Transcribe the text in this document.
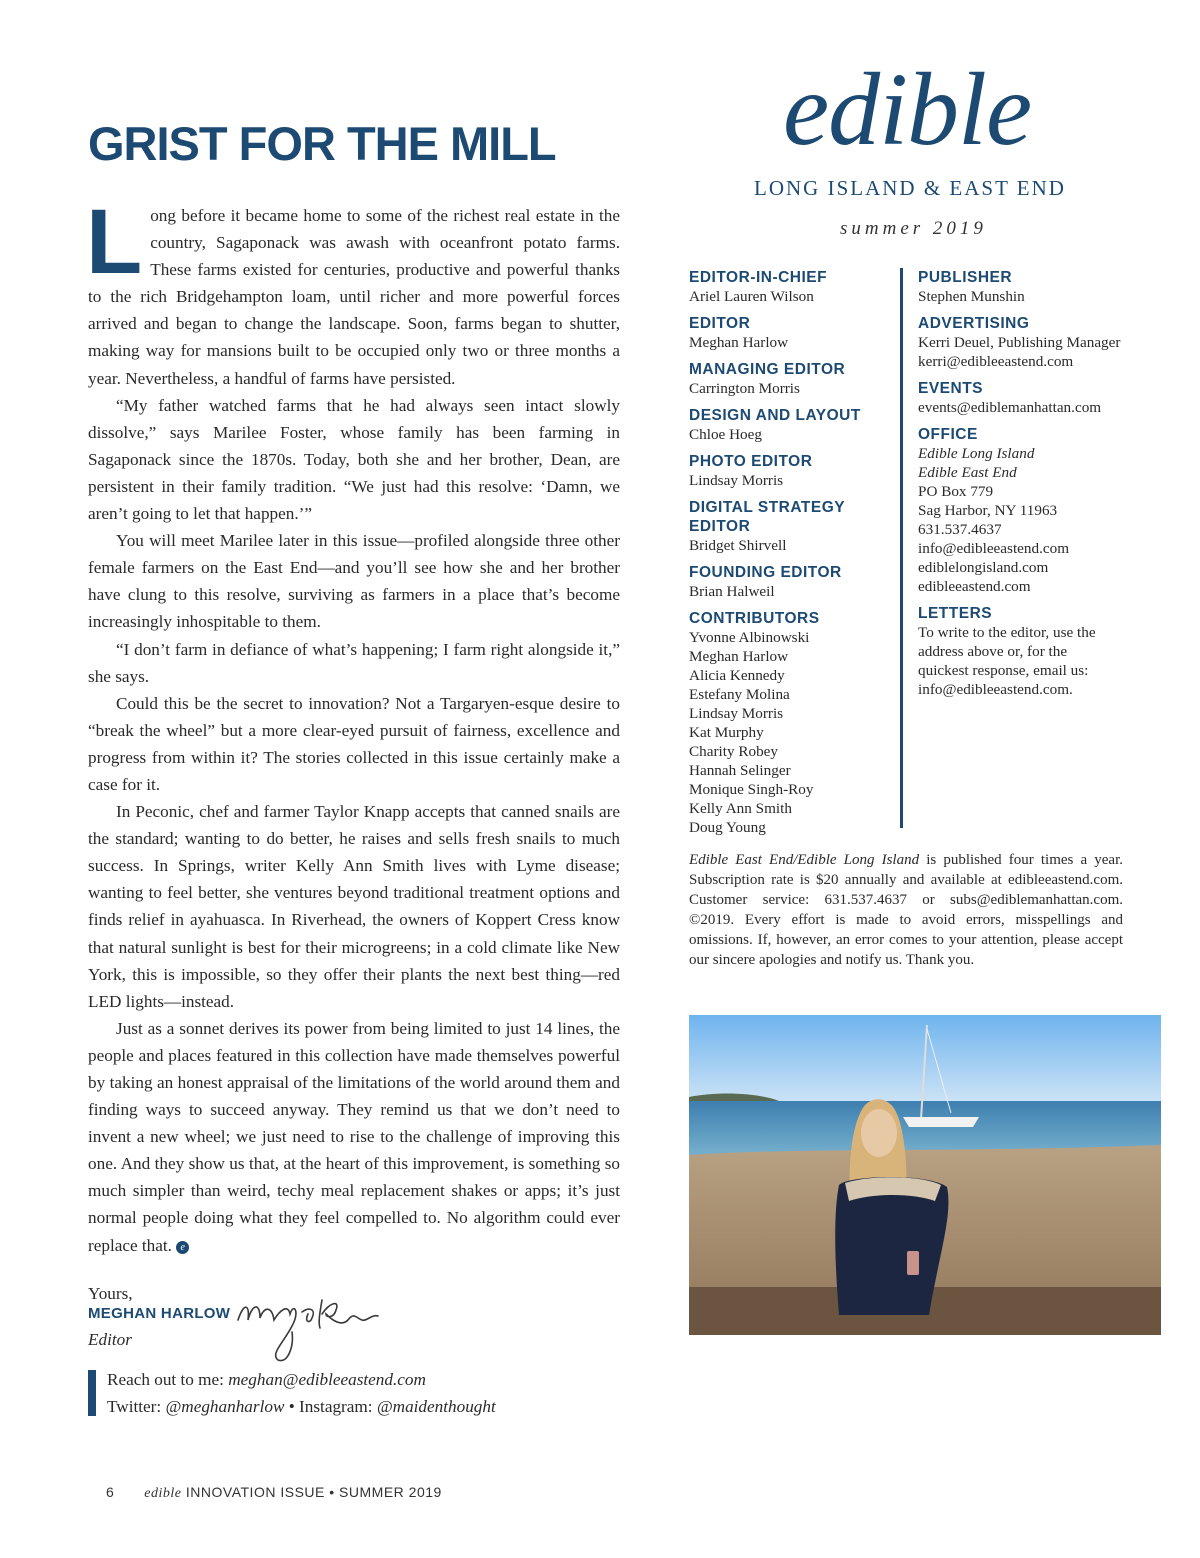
GRIST FOR THE MILL

Long before it became home to some of the richest real estate in the country, Sagaponack was awash with oceanfront potato farms. These farms existed for centuries, productive and powerful thanks to the rich Bridgehampton loam, until richer and more powerful forces arrived and began to change the landscape. Soon, farms began to shutter, making way for mansions built to be occupied only two or three months a year. Nevertheless, a handful of farms have persisted.

“My father watched farms that he had always seen intact slowly dissolve,” says Marilee Foster, whose family has been farming in Sagaponack since the 1870s. Today, both she and her brother, Dean, are persistent in their family tradition. “We just had this resolve: ‘Damn, we aren’t going to let that happen.’”

You will meet Marilee later in this issue—profiled alongside three other female farmers on the East End—and you’ll see how she and her brother have clung to this resolve, surviving as farmers in a place that’s become increasingly inhospitable to them.

“I don’t farm in defiance of what’s happening; I farm right alongside it,” she says.

Could this be the secret to innovation? Not a Targaryen-esque desire to “break the wheel” but a more clear-eyed pursuit of fairness, excellence and progress from within it? The stories collected in this issue certainly make a case for it.

In Peconic, chef and farmer Taylor Knapp accepts that canned snails are the standard; wanting to do better, he raises and sells fresh snails to much success. In Springs, writer Kelly Ann Smith lives with Lyme disease; wanting to feel better, she ventures beyond traditional treatment options and finds relief in ayahuasca. In Riverhead, the owners of Koppert Cress know that natural sunlight is best for their microgreens; in a cold climate like New York, this is impossible, so they offer their plants the next best thing—red LED lights—instead.

Just as a sonnet derives its power from being limited to just 14 lines, the people and places featured in this collection have made themselves powerful by taking an honest appraisal of the limitations of the world around them and finding ways to succeed anyway. They remind us that we don’t need to invent a new wheel; we just need to rise to the challenge of improving this one. And they show us that, at the heart of this improvement, is something so much simpler than weird, techy meal replacement shakes or apps; it’s just normal people doing what they feel compelled to. No algorithm could ever replace that. e

Yours,
MEGHAN HARLOW
Editor
Reach out to me: meghan@edibleeastend.com
Twitter: @meghanharlow • Instagram: @maidenthought
6 edible INNOVATION ISSUE • SUMMER 2019
edible
LONG ISLAND & EAST END
summer 2019
EDITOR-IN-CHIEF
Ariel Lauren Wilson
EDITOR
Meghan Harlow
MANAGING EDITOR
Carrington Morris
DESIGN AND LAYOUT
Chloe Hoeg
PHOTO EDITOR
Lindsay Morris
DIGITAL STRATEGY EDITOR
Bridget Shirvell
FOUNDING EDITOR
Brian Halweil
CONTRIBUTORS
Yvonne Albinowski
Meghan Harlow
Alicia Kennedy
Estefany Molina
Lindsay Morris
Kat Murphy
Charity Robey
Hannah Selinger
Monique Singh-Roy
Kelly Ann Smith
Doug Young
PUBLISHER
Stephen Munshin
ADVERTISING
Kerri Deuel, Publishing Manager
kerri@edibleeastend.com
EVENTS
events@ediblemanhattan.com
OFFICE
Edible Long Island
Edible East End
PO Box 779
Sag Harbor, NY 11963
631.537.4637
info@edibleeastend.com
ediblelongisland.com
edibleeastend.com
LETTERS
To write to the editor, use the
address above or, for the
quickest response, email us:
info@edibleeastend.com.
Edible East End/Edible Long Island is published four times a year. Subscription rate is $20 annually and available at edibleeastend.com. Customer service: 631.537.4637 or subs@ediblemanhattan.com. ©2019. Every effort is made to avoid errors, misspellings and omissions. If, however, an error comes to your attention, please accept our sincere apologies and notify us. Thank you.
